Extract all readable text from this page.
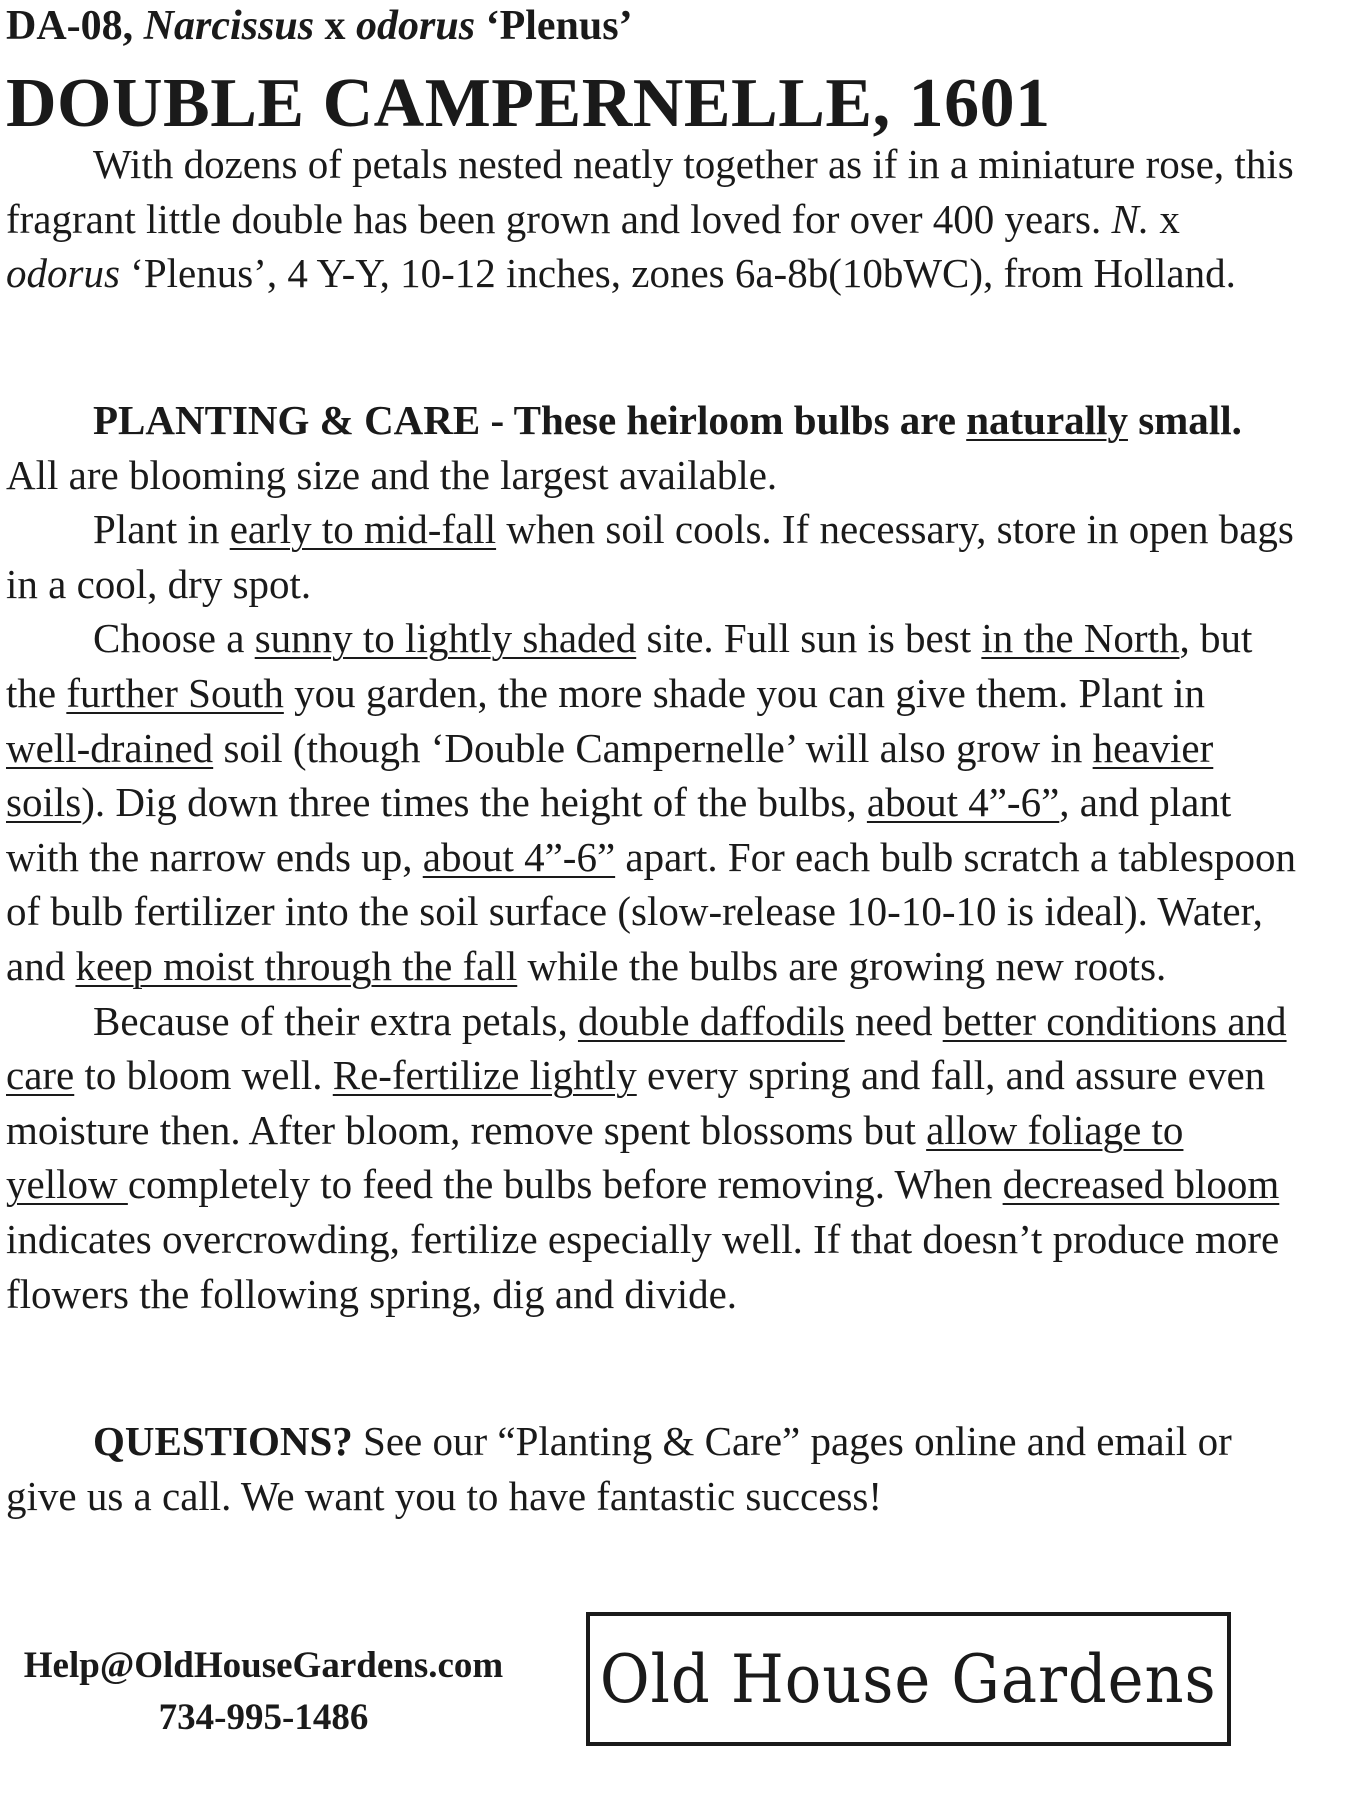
DA-08, Narcissus x odorus ‘Plenus’
DOUBLE CAMPERNELLE, 1601

With dozens of petals nested neatly together as if in a miniature rose, this fragrant little double has been grown and loved for over 400 years. N. x odorus ‘Plenus’, 4 Y-Y, 10-12 inches, zones 6a-8b(10bWC), from Holland.

PLANTING & CARE - These heirloom bulbs are naturally small. All are blooming size and the largest available.

Plant in early to mid-fall when soil cools. If necessary, store in open bags in a cool, dry spot.

Choose a sunny to lightly shaded site. Full sun is best in the North, but the further South you garden, the more shade you can give them. Plant in well-drained soil (though ‘Double Campernelle’ will also grow in heavier soils). Dig down three times the height of the bulbs, about 4”-6”, and plant with the narrow ends up, about 4”-6” apart. For each bulb scratch a tablespoon of bulb fertilizer into the soil surface (slow-release 10-10-10 is ideal). Water, and keep moist through the fall while the bulbs are growing new roots.

Because of their extra petals, double daffodils need better conditions and care to bloom well. Re-fertilize lightly every spring and fall, and assure even moisture then. After bloom, remove spent blossoms but allow foliage to yellow completely to feed the bulbs before removing. When decreased bloom indicates overcrowding, fertilize especially well. If that doesn’t produce more flowers the following spring, dig and divide.

QUESTIONS? See our “Planting & Care” pages online and email or give us a call. We want you to have fantastic success!

Help@OldHouseGardens.com
734-995-1486	Old House Gardens
